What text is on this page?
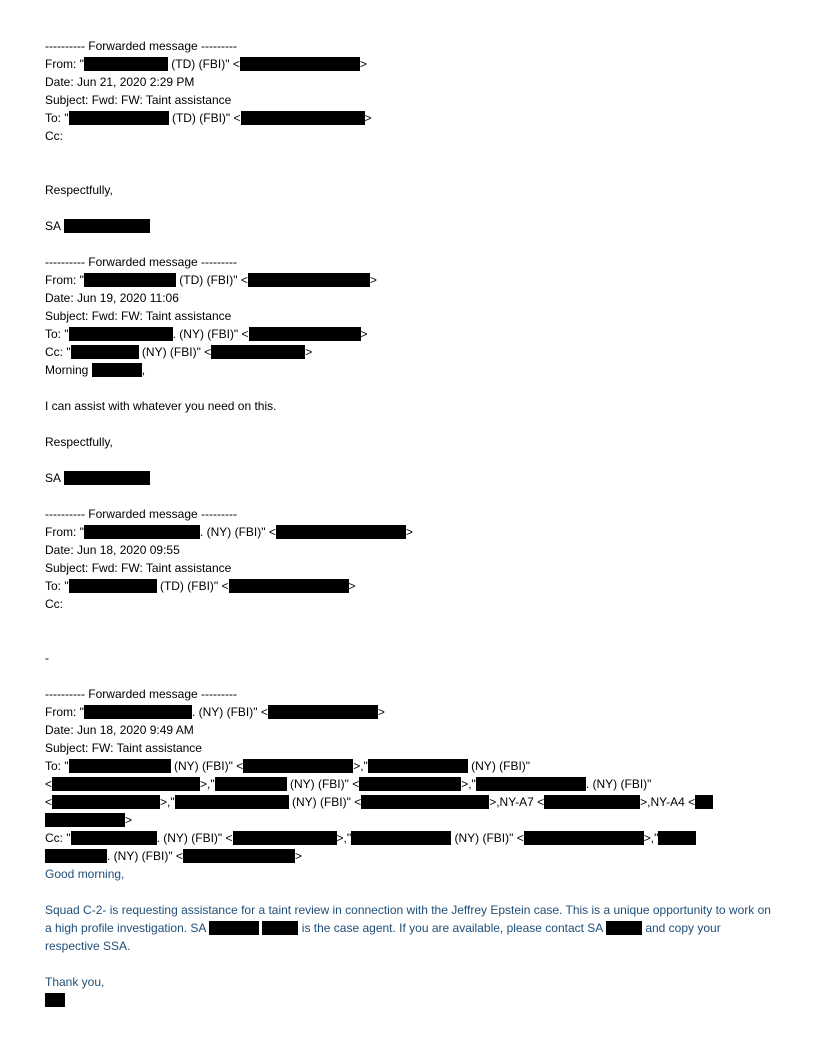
---------- Forwarded message ---------
From: "	(TD) (FBI)" <	>
Date: Jun 21, 2020 2:29 PM
Subject: Fwd: FW: Taint assistance
To: "	(TD) (FBI)" <	>
Cc:
Respectfully,
SA
---------- Forwarded message ---------
From: "	(TD) (FBI)" <	>
Date: Jun 19, 2020 11:06
Subject: Fwd: FW: Taint assistance
To: "	. (NY) (FBI)" <	>
Cc: "	(NY) (FBI)" <	>
Morning	,
I can assist with whatever you need on this.
Respectfully,
SA
---------- Forwarded message ---------
From: "	. (NY) (FBI)" <	>
Date: Jun 18, 2020 09:55
Subject: Fwd: FW: Taint assistance
To: "	(TD) (FBI)" <	>
Cc:
-
---------- Forwarded message ---------
From: "	. (NY) (FBI)" <	>
Date: Jun 18, 2020 9:49 AM
Subject: FW: Taint assistance
To: "	(NY) (FBI)" <	>,"	(NY) (FBI)"
<	>,"	(NY) (FBI)" <	>,"	. (NY) (FBI)"
<	>,"	(NY) (FBI)" <	>,NY-A7 <	>,NY-A4 <
>
Cc: "	. (NY) (FBI)" <	>,"	(NY) (FBI)" <	>,"
. (NY) (FBI)" <	>
Good morning,
Squad C-2- is requesting assistance for a taint review in connection with the Jeffrey Epstein case. This is a unique opportunity to work on a high profile investigation. SA	is the case agent. If you are available, please contact SA	and copy your respective SSA.
Thank you,
